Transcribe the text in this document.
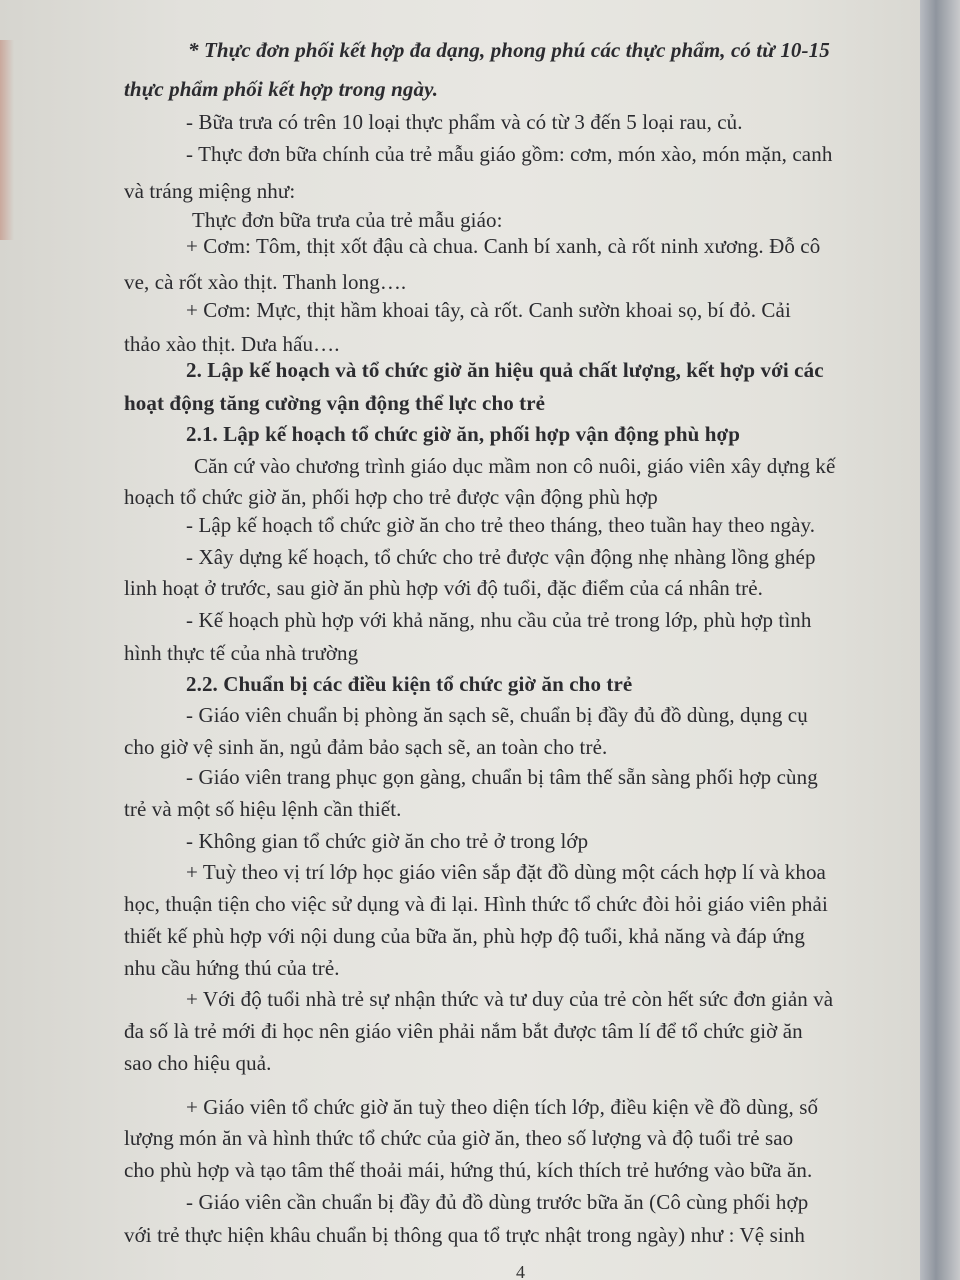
* Thực đơn phối kết hợp đa dạng, phong phú các thực phẩm, có từ 10-15
thực phẩm phối kết hợp trong ngày.
- Bữa trưa có trên 10 loại thực phẩm và có từ 3 đến 5 loại rau, củ.
- Thực đơn bữa chính của trẻ mẫu giáo gồm: cơm, món xào, món mặn, canh
và tráng miệng như:
Thực đơn bữa trưa của trẻ mẫu giáo:
+ Cơm: Tôm, thịt xốt đậu cà chua. Canh bí xanh, cà rốt ninh xương. Đỗ cô
ve, cà rốt xào thịt. Thanh long….
+ Cơm: Mực, thịt hầm khoai tây, cà rốt. Canh sườn khoai sọ, bí đỏ. Cải
thảo xào thịt. Dưa hấu….
2. Lập kế hoạch và tổ chức giờ ăn hiệu quả chất lượng, kết hợp với các
hoạt động tăng cường vận động thể lực cho trẻ
2.1. Lập kế hoạch tổ chức giờ ăn, phối hợp vận động phù hợp
Căn cứ vào chương trình giáo dục mầm non cô nuôi, giáo viên xây dựng kế
hoạch tổ chức giờ ăn, phối hợp cho trẻ được vận động phù hợp
- Lập kế hoạch tổ chức giờ ăn cho trẻ theo tháng, theo tuần hay theo ngày.
- Xây dựng kế hoạch, tổ chức cho trẻ được vận động nhẹ nhàng lồng ghép
linh hoạt ở trước, sau giờ ăn phù hợp với độ tuổi, đặc điểm của cá nhân trẻ.
- Kế hoạch phù hợp với khả năng, nhu cầu của trẻ trong lớp, phù hợp tình
hình thực tế của nhà trường
2.2. Chuẩn bị các điều kiện tổ chức giờ ăn cho trẻ
- Giáo viên chuẩn bị phòng ăn sạch sẽ, chuẩn bị đầy đủ đồ dùng, dụng cụ
cho giờ vệ sinh ăn, ngủ đảm bảo sạch sẽ, an toàn cho trẻ.
- Giáo viên trang phục gọn gàng, chuẩn bị tâm thế sẵn sàng phối hợp cùng
trẻ và một số hiệu lệnh cần thiết.
- Không gian tổ chức giờ ăn cho trẻ ở trong lớp
+ Tuỳ theo vị trí lớp học giáo viên sắp đặt đồ dùng một cách hợp lí và khoa
học, thuận tiện cho việc sử dụng và đi lại. Hình thức tổ chức đòi hỏi giáo viên phải
thiết kế phù hợp với nội dung của bữa ăn, phù hợp độ tuổi, khả năng và đáp ứng
nhu cầu hứng thú của trẻ.
+ Với độ tuổi nhà trẻ sự nhận thức và tư duy của trẻ còn hết sức đơn giản và
đa số là trẻ mới đi học nên giáo viên phải nắm bắt được tâm lí để tổ chức giờ ăn
sao cho hiệu quả.
+ Giáo viên tổ chức giờ ăn tuỳ theo diện tích lớp, điều kiện về đồ dùng, số
lượng món ăn và hình thức tổ chức của giờ ăn, theo số lượng và độ tuổi trẻ sao
cho phù hợp và tạo tâm thế thoải mái, hứng thú, kích thích trẻ hướng vào bữa ăn.
- Giáo viên cần chuẩn bị đầy đủ đồ dùng trước bữa ăn (Cô cùng phối hợp
với trẻ thực hiện khâu chuẩn bị thông qua tổ trực nhật trong ngày) như : Vệ sinh
4
